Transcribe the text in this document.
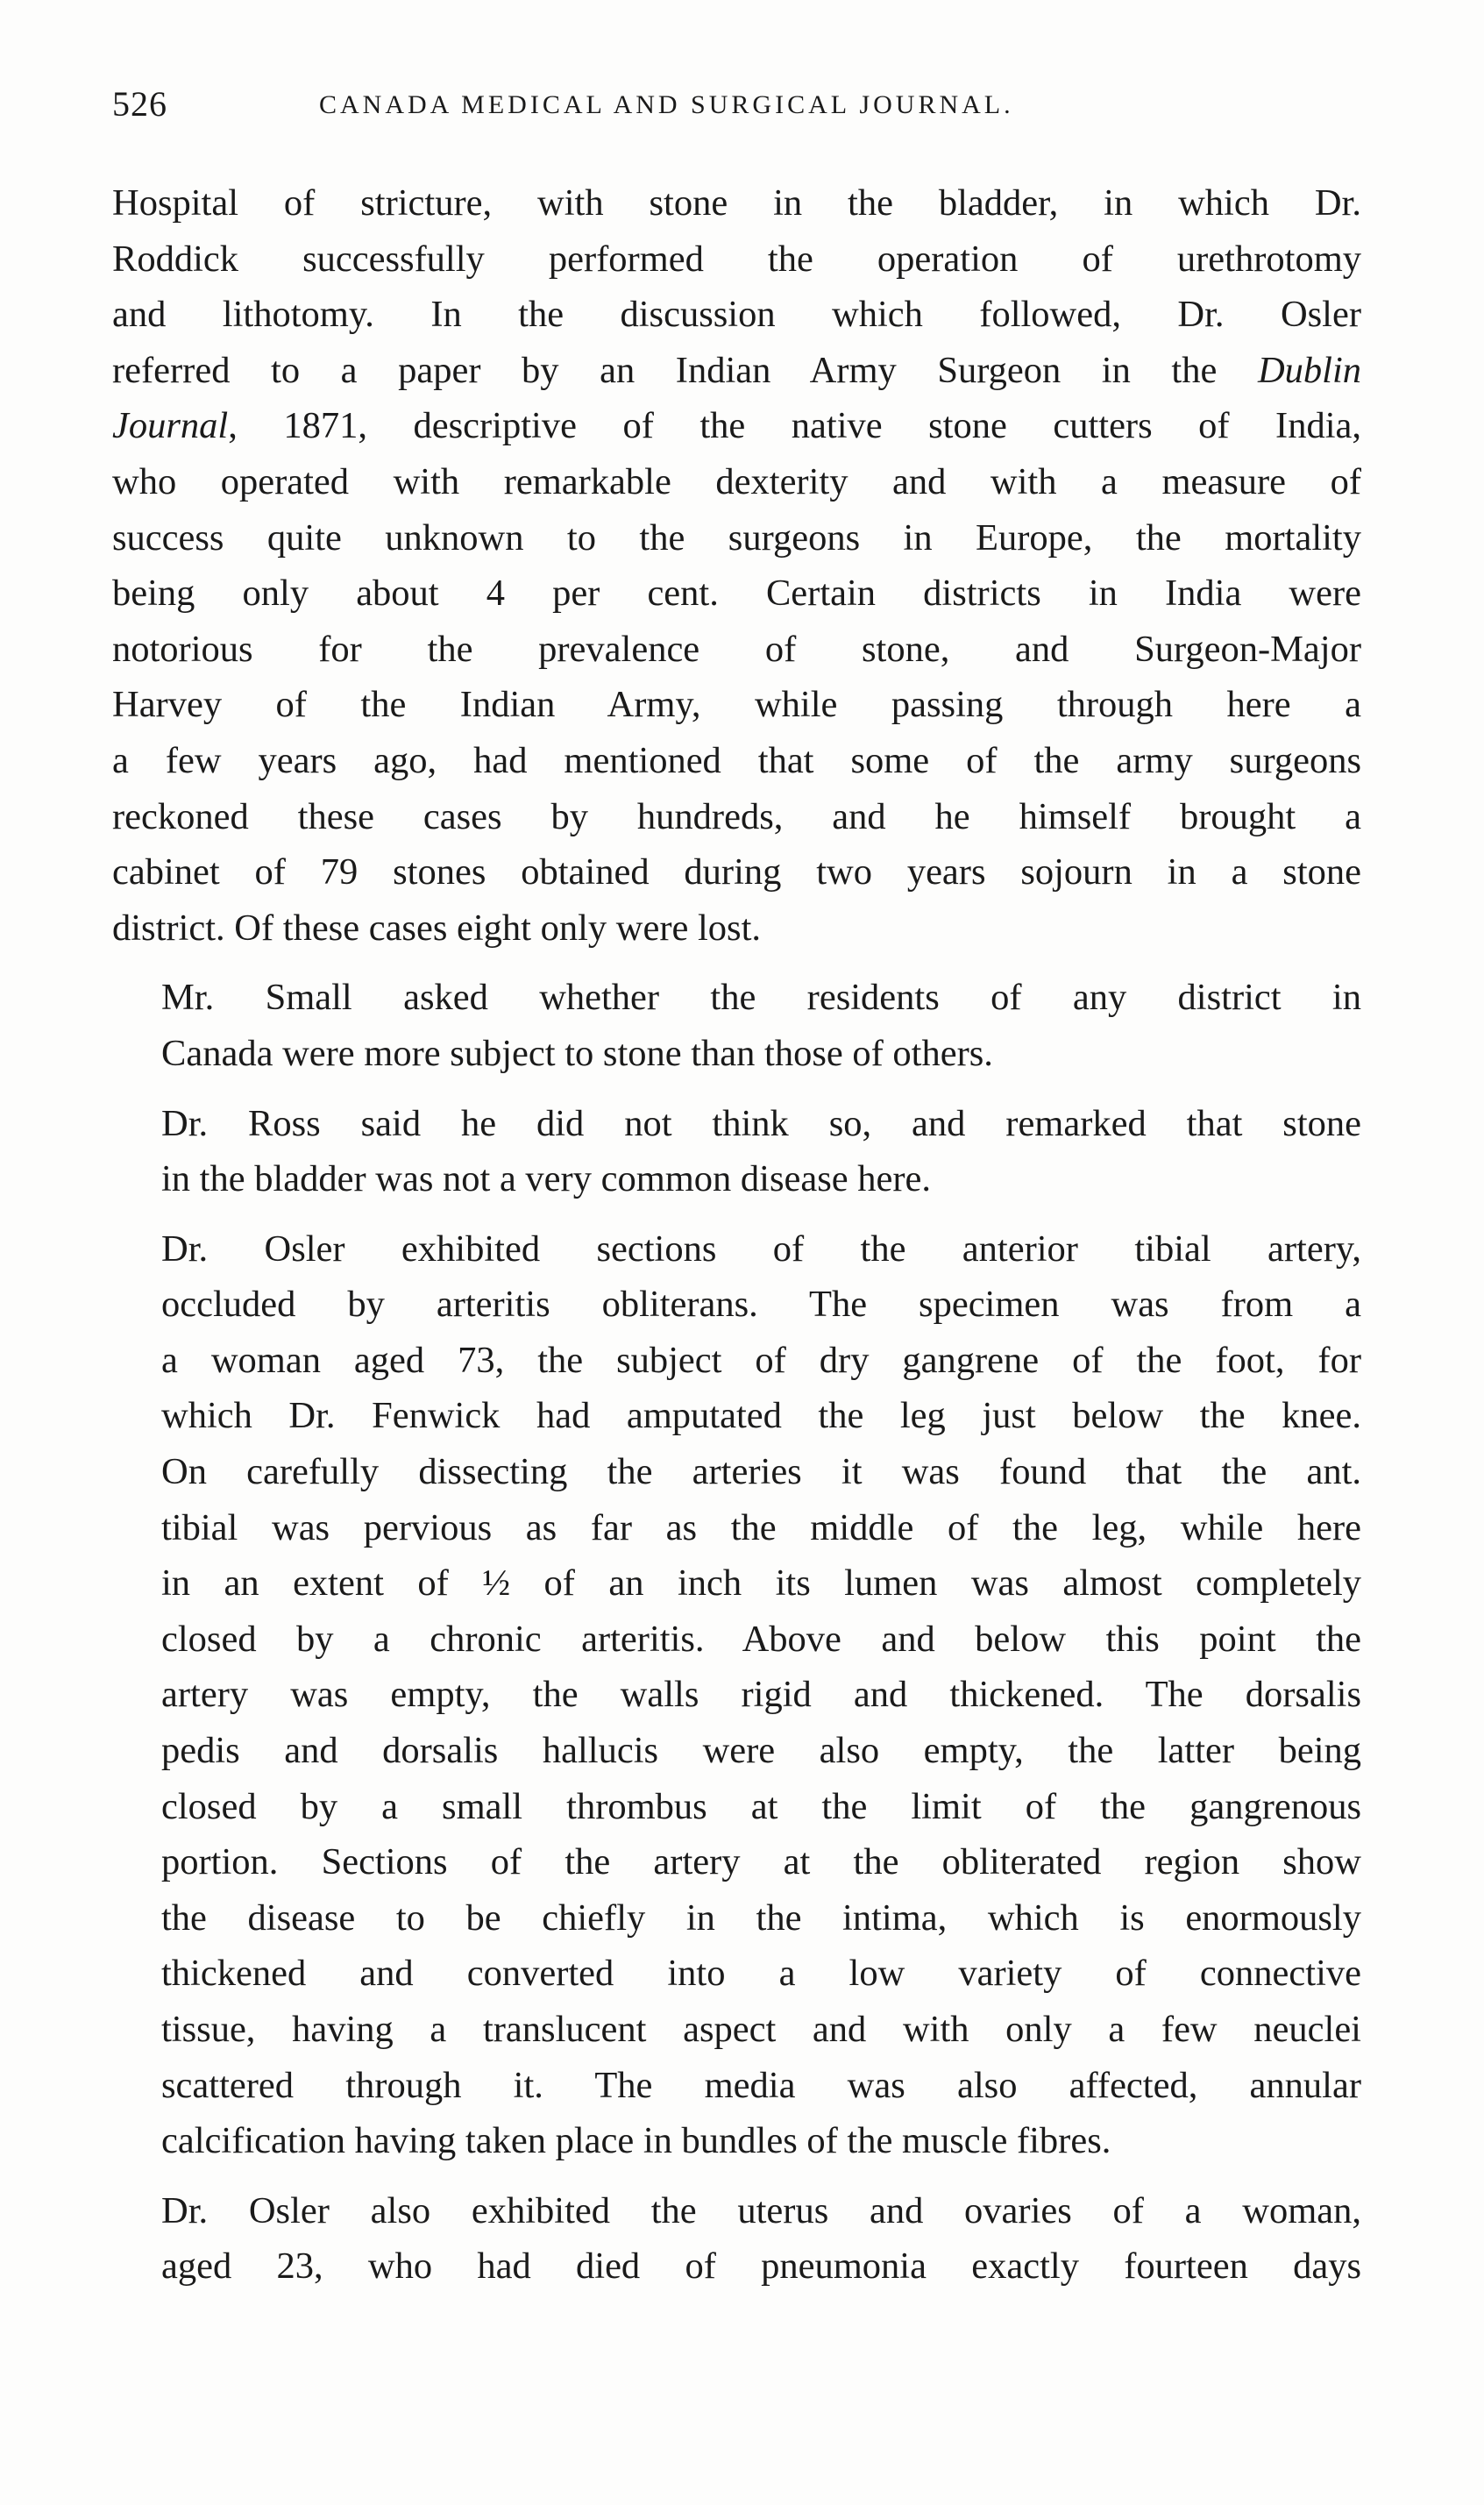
526	CANADA MEDICAL AND SURGICAL JOURNAL.

Hospital of stricture, with stone in the bladder, in which Dr.
Roddick successfully performed the operation of urethrotomy
and lithotomy. In the discussion which followed, Dr. Osler
referred to a paper by an Indian Army Surgeon in the Dublin
Journal, 1871, descriptive of the native stone cutters of India,
who operated with remarkable dexterity and with a measure of
success quite unknown to the surgeons in Europe, the mortality
being only about 4 per cent. Certain districts in India were
notorious for the prevalence of stone, and Surgeon-Major
Harvey of the Indian Army, while passing through here a
a few years ago, had mentioned that some of the army surgeons
reckoned these cases by hundreds, and he himself brought a
cabinet of 79 stones obtained during two years sojourn in a stone
district. Of these cases eight only were lost.

Mr. Small asked whether the residents of any district in
Canada were more subject to stone than those of others.

Dr. Ross said he did not think so, and remarked that stone
in the bladder was not a very common disease here.

Dr. Osler exhibited sections of the anterior tibial artery,
occluded by arteritis obliterans. The specimen was from a
a woman aged 73, the subject of dry gangrene of the foot, for
which Dr. Fenwick had amputated the leg just below the knee.
On carefully dissecting the arteries it was found that the ant.
tibial was pervious as far as the middle of the leg, while here
in an extent of ½ of an inch its lumen was almost completely
closed by a chronic arteritis. Above and below this point the
artery was empty, the walls rigid and thickened. The dorsalis
pedis and dorsalis hallucis were also empty, the latter being
closed by a small thrombus at the limit of the gangrenous
portion. Sections of the artery at the obliterated region show
the disease to be chiefly in the intima, which is enormously
thickened and converted into a low variety of connective
tissue, having a translucent aspect and with only a few neuclei
scattered through it. The media was also affected, annular
calcification having taken place in bundles of the muscle fibres.

Dr. Osler also exhibited the uterus and ovaries of a woman,
aged 23, who had died of pneumonia exactly fourteen days
